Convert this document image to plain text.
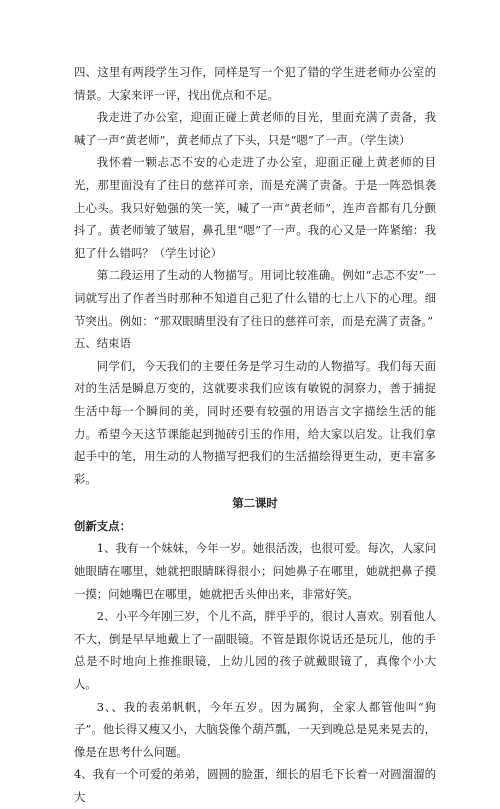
四、这里有两段学生习作，同样是写一个犯了错的学生进老师办公室的情景。大家来评一评，找出优点和不足。

我走进了办公室，迎面正碰上黄老师的目光，里面充满了责备，我喊了一声“黄老师”，黄老师点了下头，只是“嗯”了一声。（学生读）

我怀着一颗忐忑不安的心走进了办公室，迎面正碰上黄老师的目光，那里面没有了往日的慈祥可亲，而是充满了责备。于是一阵恐惧袭上心头。我只好勉强的笑一笑，喊了一声“黄老师”，连声音都有几分颤抖了。黄老师皱了皱眉，鼻孔里“嗯”了一声。我的心又是一阵紧缩：我犯了什么错吗？（学生讨论）

第二段运用了生动的人物描写。用词比较准确。例如“忐忑不安”一词就写出了作者当时那种不知道自己犯了什么错的七上八下的心理。细节突出。例如：“那双眼睛里没有了往日的慈祥可亲，而是充满了责备。”

五、结束语

同学们，今天我们的主要任务是学习生动的人物描写。我们每天面对的生活是瞬息万变的，这就要求我们应该有敏锐的洞察力，善于捕捉生活中每一个瞬间的美，同时还要有较强的用语言文字描绘生活的能力。希望今天这节课能起到抛砖引玉的作用，给大家以启发。让我们拿起手中的笔，用生动的人物描写把我们的生活描绘得更生动，更丰富多彩。

第二课时

创新支点：

1、我有一个妹妹，今年一岁。她很活泼，也很可爱。每次，人家问她眼睛在哪里，她就把眼睛眯得很小；问她鼻子在哪里，她就把鼻子摸一摸；问她嘴巴在哪里，她就把舌头伸出来，非常好笑。

2、小平今年刚三岁，个儿不高，胖乎乎的，很讨人喜欢。别看他人不大，倒是早早地戴上了一副眼镜。不管是跟你说话还是玩儿，他的手总是不时地向上推推眼镜，上幼儿园的孩子就戴眼镜了，真像个小大人。

3、、我的表弟帆帆，今年五岁。因为属狗，全家人都管他叫“狗子”。他长得又瘦又小，大脑袋像个葫芦瓢，一天到晚总是晃来晃去的，像是在思考什么问题。

4、我有一个可爱的弟弟，圆圆的脸蛋，细长的眉毛下长着一对圆溜溜的大
